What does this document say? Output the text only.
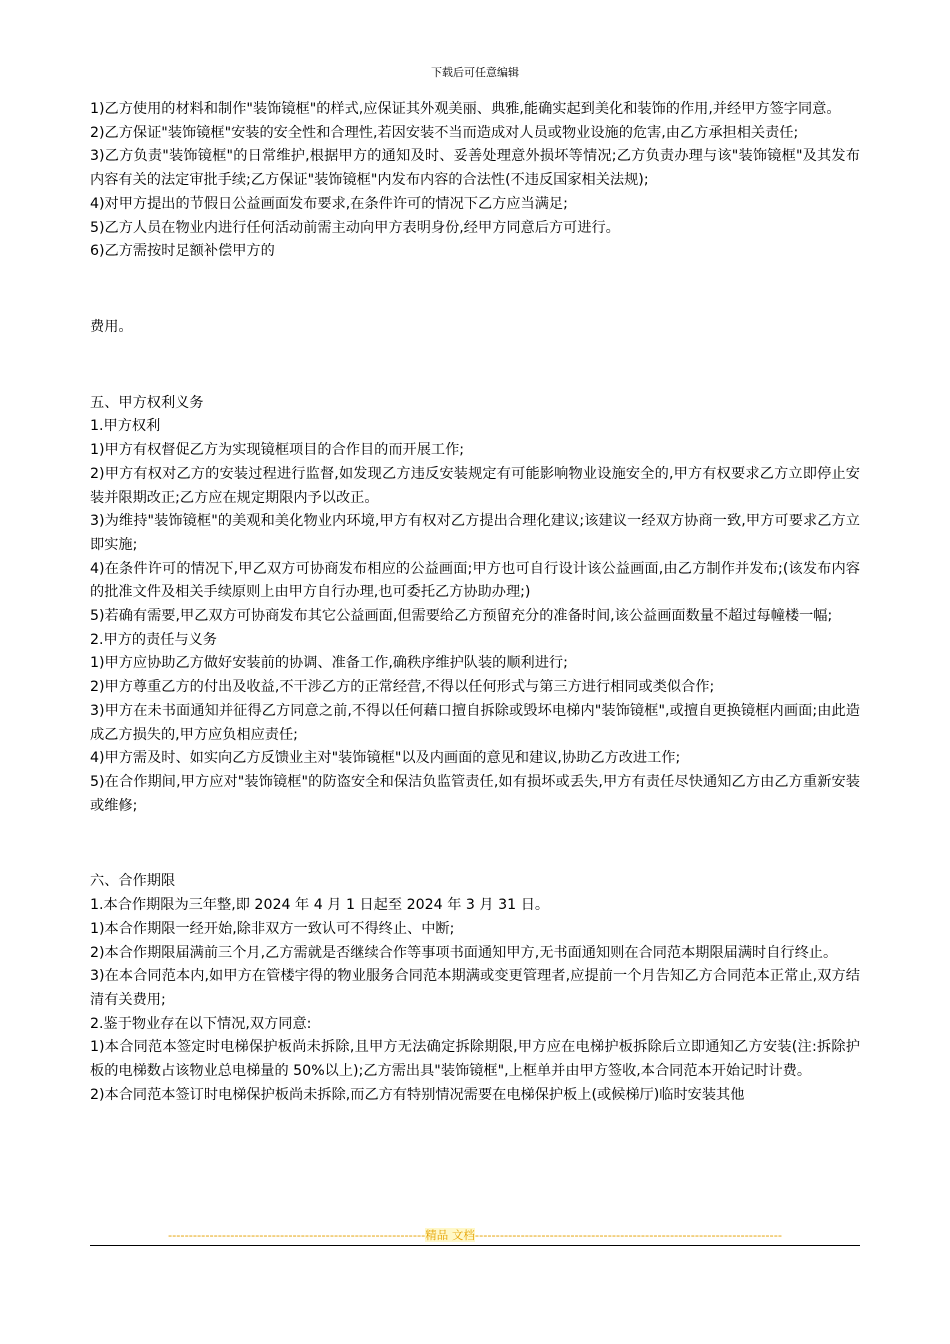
下载后可任意编辑

1)乙方使用的材料和制作"装饰镜框"的样式,应保证其外观美丽、典雅,能确实起到美化和装饰的作用,并经甲方签字同意。

2)乙方保证"装饰镜框"安装的安全性和合理性,若因安装不当而造成对人员或物业设施的危害,由乙方承担相关责任;

3)乙方负责"装饰镜框"的日常维护,根据甲方的通知及时、妥善处理意外损坏等情况;乙方负责办理与该"装饰镜框"及其发布内容有关的法定审批手续;乙方保证"装饰镜框"内发布内容的合法性(不违反国家相关法规);

4)对甲方提出的节假日公益画面发布要求,在条件许可的情况下乙方应当满足;

5)乙方人员在物业内进行任何活动前需主动向甲方表明身份,经甲方同意后方可进行。

6)乙方需按时足额补偿甲方的

费用。

五、甲方权利义务

1.甲方权利

1)甲方有权督促乙方为实现镜框项目的合作目的而开展工作;

2)甲方有权对乙方的安装过程进行监督,如发现乙方违反安装规定有可能影响物业设施安全的,甲方有权要求乙方立即停止安装并限期改正;乙方应在规定期限内予以改正。

3)为维持"装饰镜框"的美观和美化物业内环境,甲方有权对乙方提出合理化建议;该建议一经双方协商一致,甲方可要求乙方立即实施;

4)在条件许可的情况下,甲乙双方可协商发布相应的公益画面;甲方也可自行设计该公益画面,由乙方制作并发布;(该发布内容的批准文件及相关手续原则上由甲方自行办理,也可委托乙方协助办理;)

5)若确有需要,甲乙双方可协商发布其它公益画面,但需要给乙方预留充分的准备时间,该公益画面数量不超过每幢楼一幅;

2.甲方的责任与义务

1)甲方应协助乙方做好安装前的协调、准备工作,确秩序维护队装的顺利进行;

2)甲方尊重乙方的付出及收益,不干涉乙方的正常经营,不得以任何形式与第三方进行相同或类似合作;

3)甲方在未书面通知并征得乙方同意之前,不得以任何藉口擅自拆除或毁坏电梯内"装饰镜框",或擅自更换镜框内画面;由此造成乙方损失的,甲方应负相应责任;

4)甲方需及时、如实向乙方反馈业主对"装饰镜框"以及内画面的意见和建议,协助乙方改进工作;

5)在合作期间,甲方应对"装饰镜框"的防盗安全和保洁负监管责任,如有损坏或丢失,甲方有责任尽快通知乙方由乙方重新安装或维修;

六、合作期限

1.本合作期限为三年整,即 2024 年 4 月 1 日起至 2024 年 3 月 31 日。

1)本合作期限一经开始,除非双方一致认可不得终止、中断;

2)本合作期限届满前三个月,乙方需就是否继续合作等事项书面通知甲方,无书面通知则在合同范本期限届满时自行终止。

3)在本合同范本内,如甲方在管楼宇得的物业服务合同范本期满或变更管理者,应提前一个月告知乙方合同范本正常止,双方结清有关费用;

2.鉴于物业存在以下情况,双方同意:

1)本合同范本签定时电梯保护板尚未拆除,且甲方无法确定拆除期限,甲方应在电梯护板拆除后立即通知乙方安装(注:拆除护板的电梯数占该物业总电梯量的 50%以上);乙方需出具"装饰镜框",上框单并由甲方签收,本合同范本开始记时计费。

2)本合同范本签订时电梯保护板尚未拆除,而乙方有特别情况需要在电梯保护板上(或候梯厅)临时安装其他

--------------------------------------------------------------精品 文档--------------------------------------------------------------------------
